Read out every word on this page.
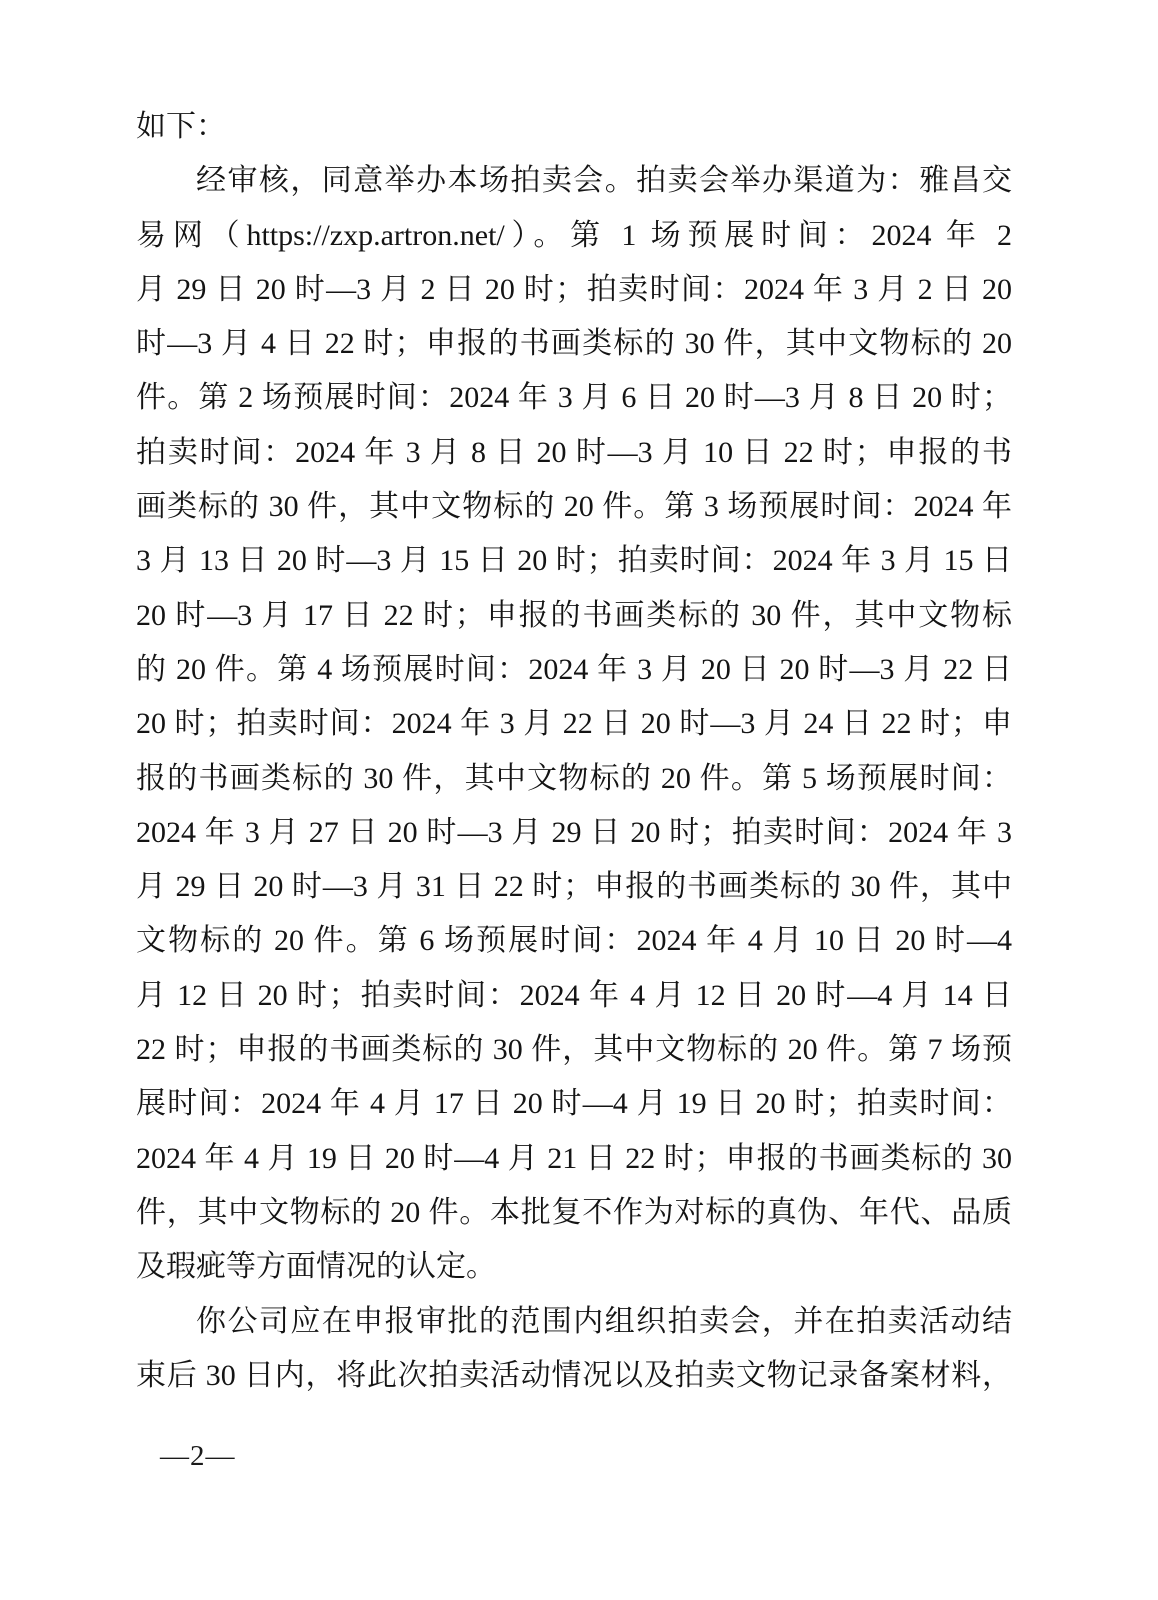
如下：
经审核，同意举办本场拍卖会。拍卖会举办渠道为：雅昌交
易网（https://zxp.artron.net/）。第 1 场预展时间：2024 年 2
月 29 日 20 时—3 月 2 日 20 时；拍卖时间：2024 年 3 月 2 日 20
时—3 月 4 日 22 时；申报的书画类标的 30 件，其中文物标的 20
件。第 2 场预展时间：2024 年 3 月 6 日 20 时—3 月 8 日 20 时；
拍卖时间：2024 年 3 月 8 日 20 时—3 月 10 日 22 时；申报的书
画类标的 30 件，其中文物标的 20 件。第 3 场预展时间：2024 年
3 月 13 日 20 时—3 月 15 日 20 时；拍卖时间：2024 年 3 月 15 日
20 时—3 月 17 日 22 时；申报的书画类标的 30 件，其中文物标
的 20 件。第 4 场预展时间：2024 年 3 月 20 日 20 时—3 月 22 日
20 时；拍卖时间：2024 年 3 月 22 日 20 时—3 月 24 日 22 时；申
报的书画类标的 30 件，其中文物标的 20 件。第 5 场预展时间：
2024 年 3 月 27 日 20 时—3 月 29 日 20 时；拍卖时间：2024 年 3
月 29 日 20 时—3 月 31 日 22 时；申报的书画类标的 30 件，其中
文物标的 20 件。第 6 场预展时间：2024 年 4 月 10 日 20 时—4
月 12 日 20 时；拍卖时间：2024 年 4 月 12 日 20 时—4 月 14 日
22 时；申报的书画类标的 30 件，其中文物标的 20 件。第 7 场预
展时间：2024 年 4 月 17 日 20 时—4 月 19 日 20 时；拍卖时间：
2024 年 4 月 19 日 20 时—4 月 21 日 22 时；申报的书画类标的 30
件，其中文物标的 20 件。本批复不作为对标的真伪、年代、品质
及瑕疵等方面情况的认定。
你公司应在申报审批的范围内组织拍卖会，并在拍卖活动结
束后 30 日内，将此次拍卖活动情况以及拍卖文物记录备案材料，
—2—
